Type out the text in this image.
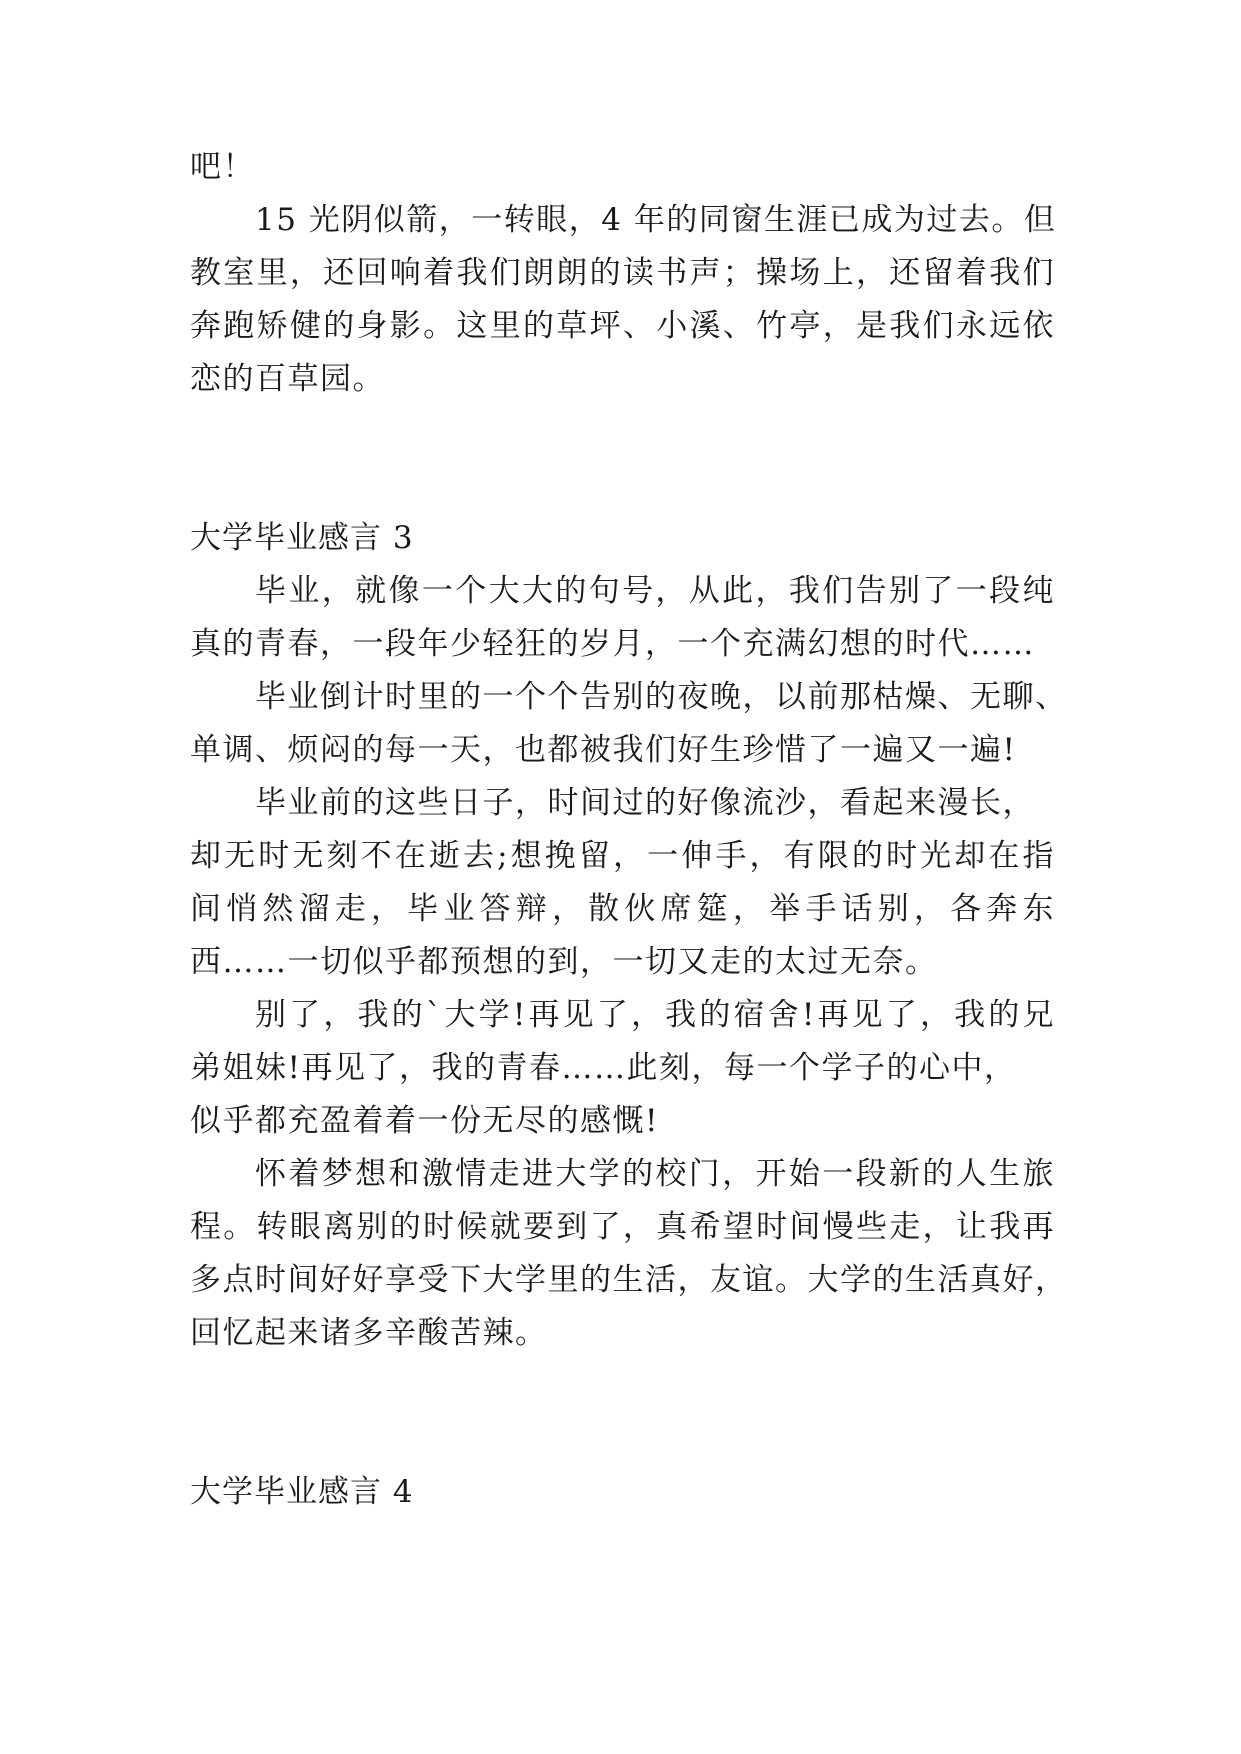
吧！
15 光阴似箭，一转眼，4 年的同窗生涯已成为过去。但
教室里，还回响着我们朗朗的读书声；操场上，还留着我们
奔跑矫健的身影。这里的草坪、小溪、竹亭，是我们永远依
恋的百草园。
大学毕业感言 3
毕业，就像一个大大的句号，从此，我们告别了一段纯
真的青春，一段年少轻狂的岁月，一个充满幻想的时代……
毕业倒计时里的一个个告别的夜晚，以前那枯燥、无聊、
单调、烦闷的每一天，也都被我们好生珍惜了一遍又一遍!
毕业前的这些日子，时间过的好像流沙，看起来漫长，
却无时无刻不在逝去;想挽留，一伸手，有限的时光却在指
间悄然溜走，毕业答辩，散伙席筵，举手话别，各奔东
西……一切似乎都预想的到，一切又走的太过无奈。
别了，我的`大学!再见了，我的宿舍!再见了，我的兄
弟姐妹!再见了，我的青春……此刻，每一个学子的心中，
似乎都充盈着着一份无尽的感慨!
怀着梦想和激情走进大学的校门，开始一段新的人生旅
程。转眼离别的时候就要到了，真希望时间慢些走，让我再
多点时间好好享受下大学里的生活，友谊。大学的生活真好，
回忆起来诸多辛酸苦辣。
大学毕业感言 4
